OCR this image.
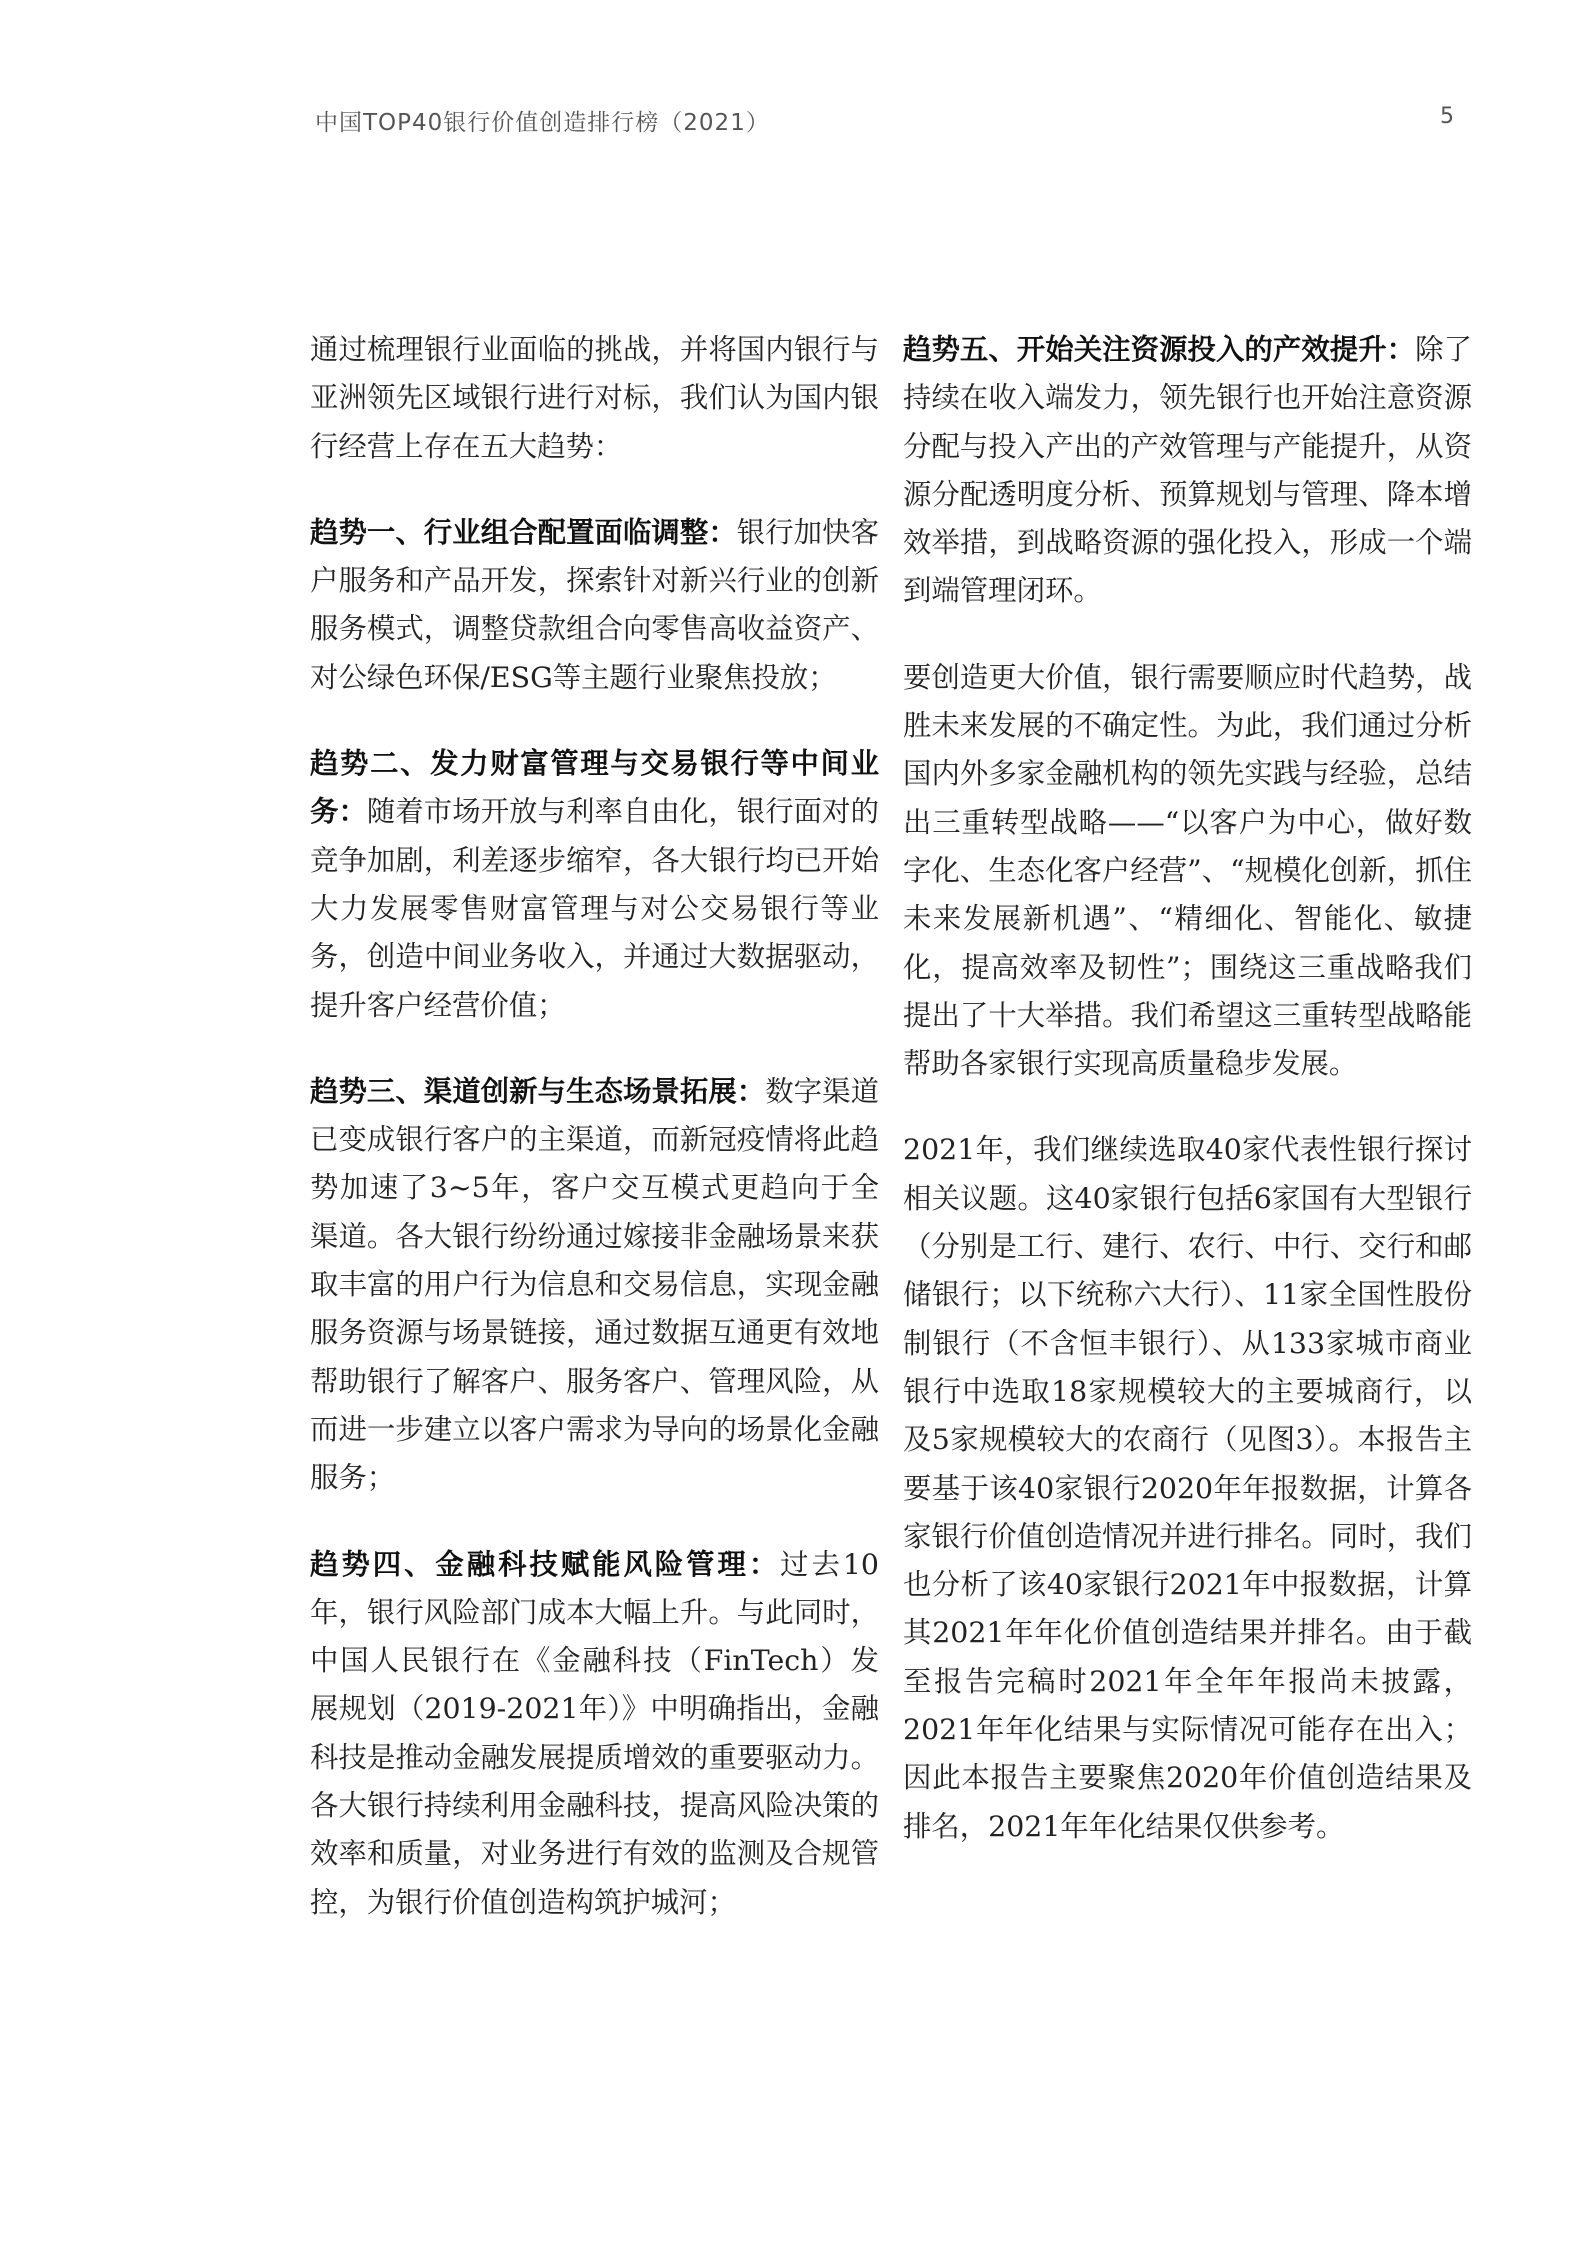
中国TOP40银行价值创造排行榜（2021）	5

通过梳理银行业面临的挑战，并将国内银行与亚洲领先区域银行进行对标，我们认为国内银行经营上存在五大趋势：

趋势一、行业组合配置面临调整：银行加快客户服务和产品开发，探索针对新兴行业的创新服务模式，调整贷款组合向零售高收益资产、对公绿色环保/ESG等主题行业聚焦投放；

趋势二、发力财富管理与交易银行等中间业务：随着市场开放与利率自由化，银行面对的竞争加剧，利差逐步缩窄，各大银行均已开始大力发展零售财富管理与对公交易银行等业务，创造中间业务收入，并通过大数据驱动，提升客户经营价值；

趋势三、渠道创新与生态场景拓展：数字渠道已变成银行客户的主渠道，而新冠疫情将此趋势加速了3~5年，客户交互模式更趋向于全渠道。各大银行纷纷通过嫁接非金融场景来获取丰富的用户行为信息和交易信息，实现金融服务资源与场景链接，通过数据互通更有效地帮助银行了解客户、服务客户、管理风险，从而进一步建立以客户需求为导向的场景化金融服务；

趋势四、金融科技赋能风险管理：过去10年，银行风险部门成本大幅上升。与此同时，中国人民银行在《金融科技（FinTech）发展规划（2019-2021年）》中明确指出，金融科技是推动金融发展提质增效的重要驱动力。各大银行持续利用金融科技，提高风险决策的效率和质量，对业务进行有效的监测及合规管控，为银行价值创造构筑护城河；

趋势五、开始关注资源投入的产效提升：除了持续在收入端发力，领先银行也开始注意资源分配与投入产出的产效管理与产能提升，从资源分配透明度分析、预算规划与管理、降本增效举措，到战略资源的强化投入，形成一个端到端管理闭环。

要创造更大价值，银行需要顺应时代趋势，战胜未来发展的不确定性。为此，我们通过分析国内外多家金融机构的领先实践与经验，总结出三重转型战略——“以客户为中心，做好数字化、生态化客户经营”、“规模化创新，抓住未来发展新机遇”、“精细化、智能化、敏捷化，提高效率及韧性”；围绕这三重战略我们提出了十大举措。我们希望这三重转型战略能帮助各家银行实现高质量稳步发展。

2021年，我们继续选取40家代表性银行探讨相关议题。这40家银行包括6家国有大型银行（分别是工行、建行、农行、中行、交行和邮储银行；以下统称六大行）、11家全国性股份制银行（不含恒丰银行）、从133家城市商业银行中选取18家规模较大的主要城商行，以及5家规模较大的农商行（见图3）。本报告主要基于该40家银行2020年年报数据，计算各家银行价值创造情况并进行排名。同时，我们也分析了该40家银行2021年中报数据，计算其2021年年化价值创造结果并排名。由于截至报告完稿时2021年全年年报尚未披露，2021年年化结果与实际情况可能存在出入；因此本报告主要聚焦2020年价值创造结果及排名，2021年年化结果仅供参考。
